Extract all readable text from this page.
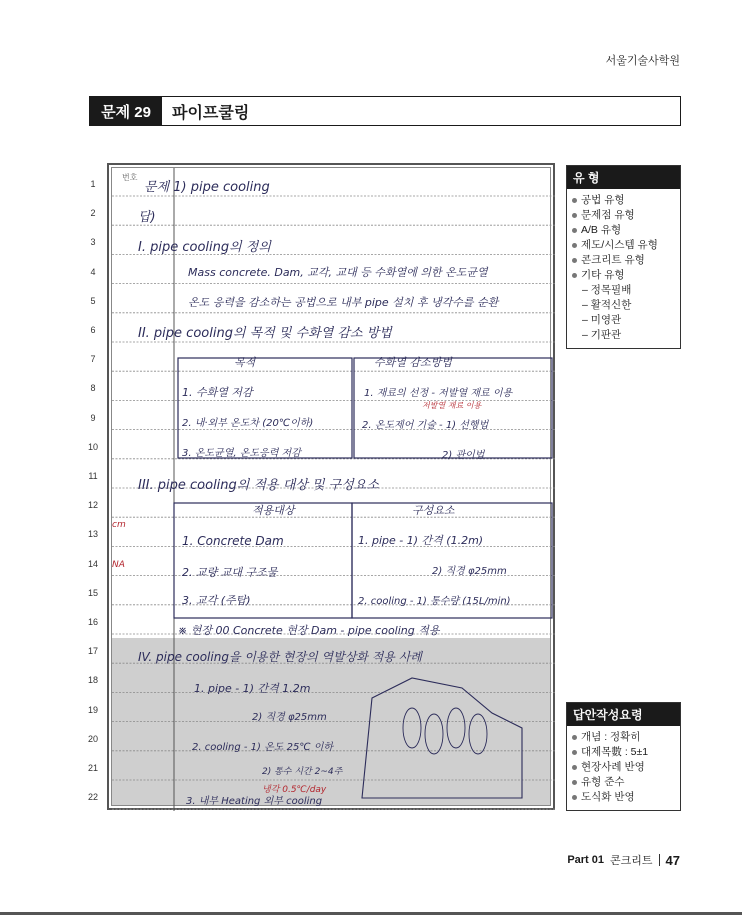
서울기술사학원
문제 29	파이프쿨링
번호
문제 1) pipe cooling
답)
I. pipe cooling의 정의
Mass concrete. Dam, 교각, 교대 등 수화열에 의한 온도균열
온도 응력을 감소하는 공법으로 내부 pipe 설치 후 냉각수를 순환
II. pipe cooling의 목적 및 수화열 감소 방법
목적	수화열 감소방법
1. 수화열 저감	1. 재료의 선정 - 저발열 재료 이용
2. 내·외부 온도차 (20℃이하)	2. 온도제어 기술 - 1) 선행법
3. 온도균열, 온도응력 저감	2) 관이법
III. pipe cooling의 적용 대상 및 구성요소
적용대상	구성요소
1. Concrete Dam	1. pipe - 1) 간격 (1.2m)
2. 교량 교대 구조물	2) 직경 φ25mm
3. 교각 (주탑)	2. cooling - 1) 통수량 (15L/min)
※ 현장 00 Concrete 현장 Dam - pipe cooling 적용
IV. pipe cooling을 이용한 현장의 역발상화 적용 사례
1. pipe - 1) 간격 1.2m
2) 직경 φ25mm
2. cooling - 1) 온도 25℃ 이하
2) 통수 시간 2~4주
3. 내부 Heating 외부 cooling
냉각 0.5℃/day
저발열 재료 이용
cm
NA
1
2
3
4
5
6
7
8
9
10
11
12
13
14
15
16
17
18
19
20
21
22
유 형
공법 유형
문제점 유형
A/B 유형
제도/시스템 유형
콘크리트 유형
기타 유형
– 정목필배
– 활적신한
– 미영관
– 기판관
답안작성요령
개념 : 정확히
대제목數 : 5±1
현장사례 반영
유형 준수
도식화 반영
Part 01 콘크리트 47
